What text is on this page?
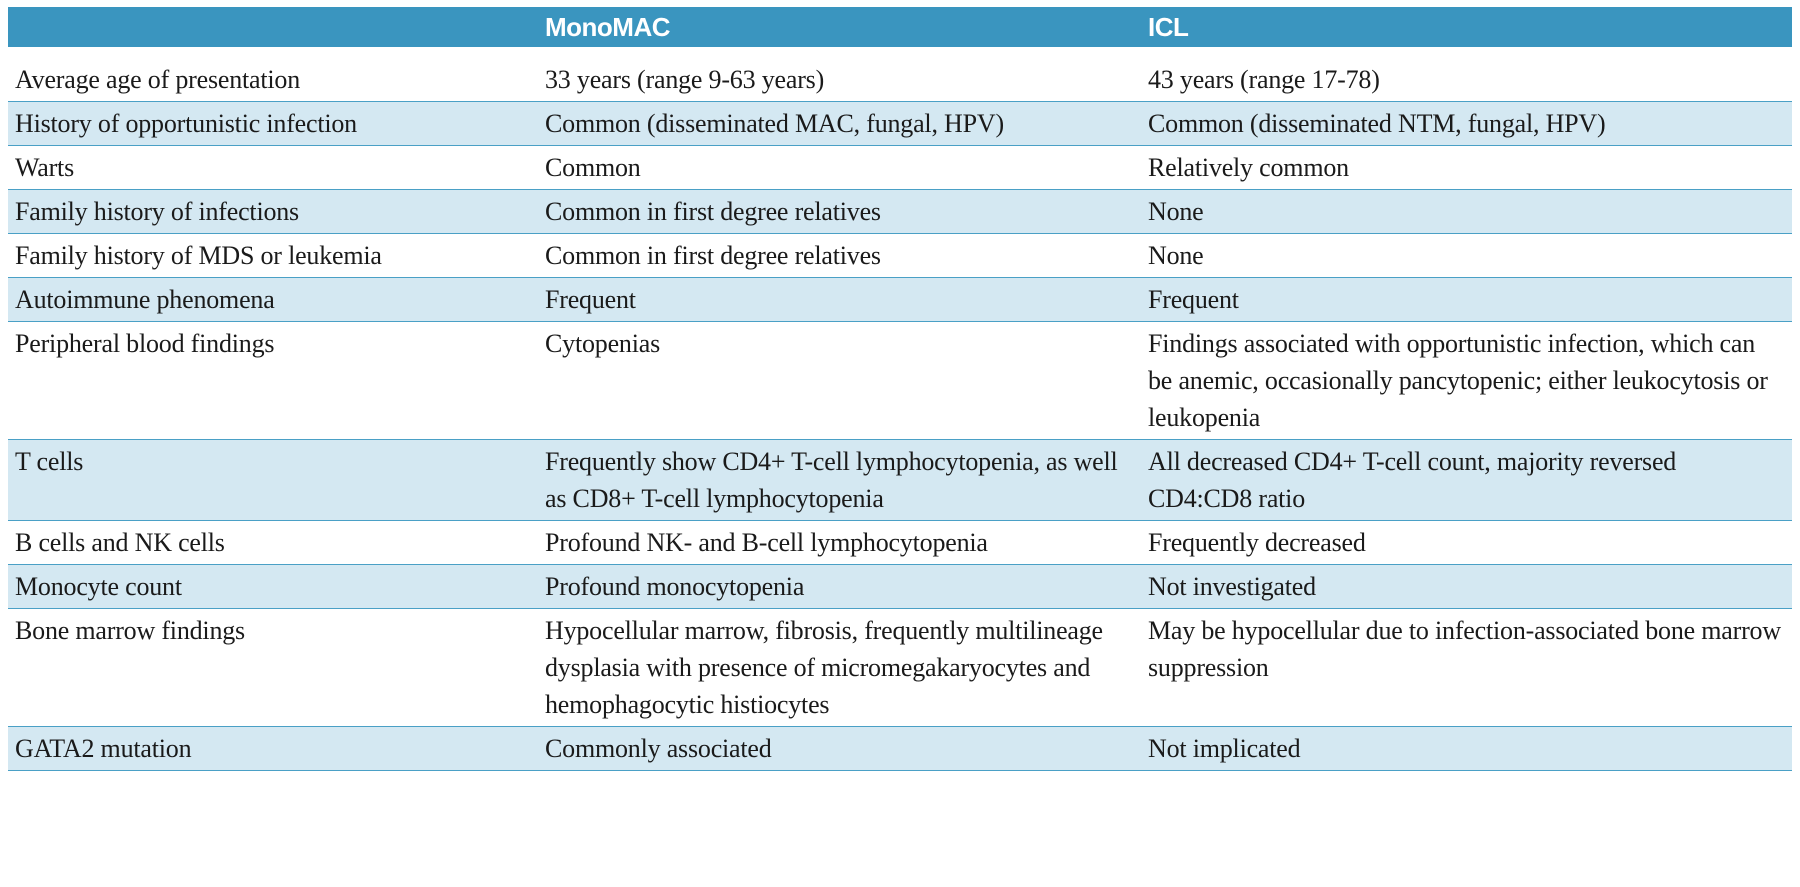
	MonoMAC	ICL
Average age of presentation	33 years (range 9-63 years)	43 years (range 17-78)
History of opportunistic infection	Common (disseminated MAC, fungal, HPV)	Common (disseminated NTM, fungal, HPV)
Warts	Common	Relatively common
Family history of infections	Common in first degree relatives	None
Family history of MDS or leukemia	Common in first degree relatives	None
Autoimmune phenomena	Frequent	Frequent
Peripheral blood findings	Cytopenias	Findings associated with opportunistic infection, which can be anemic, occasionally pancytopenic; either leukocytosis or leukopenia
T cells	Frequently show CD4+ T-cell lymphocytopenia, as well as CD8+ T-cell lymphocytopenia	All decreased CD4+ T-cell count, majority reversed CD4:CD8 ratio
B cells and NK cells	Profound NK- and B-cell lymphocytopenia	Frequently decreased
Monocyte count	Profound monocytopenia	Not investigated
Bone marrow findings	Hypocellular marrow, fibrosis, frequently multilineage dysplasia with presence of micromegakaryocytes and hemophagocytic histiocytes	May be hypocellular due to infection-associated bone marrow suppression
GATA2 mutation	Commonly associated	Not implicated
